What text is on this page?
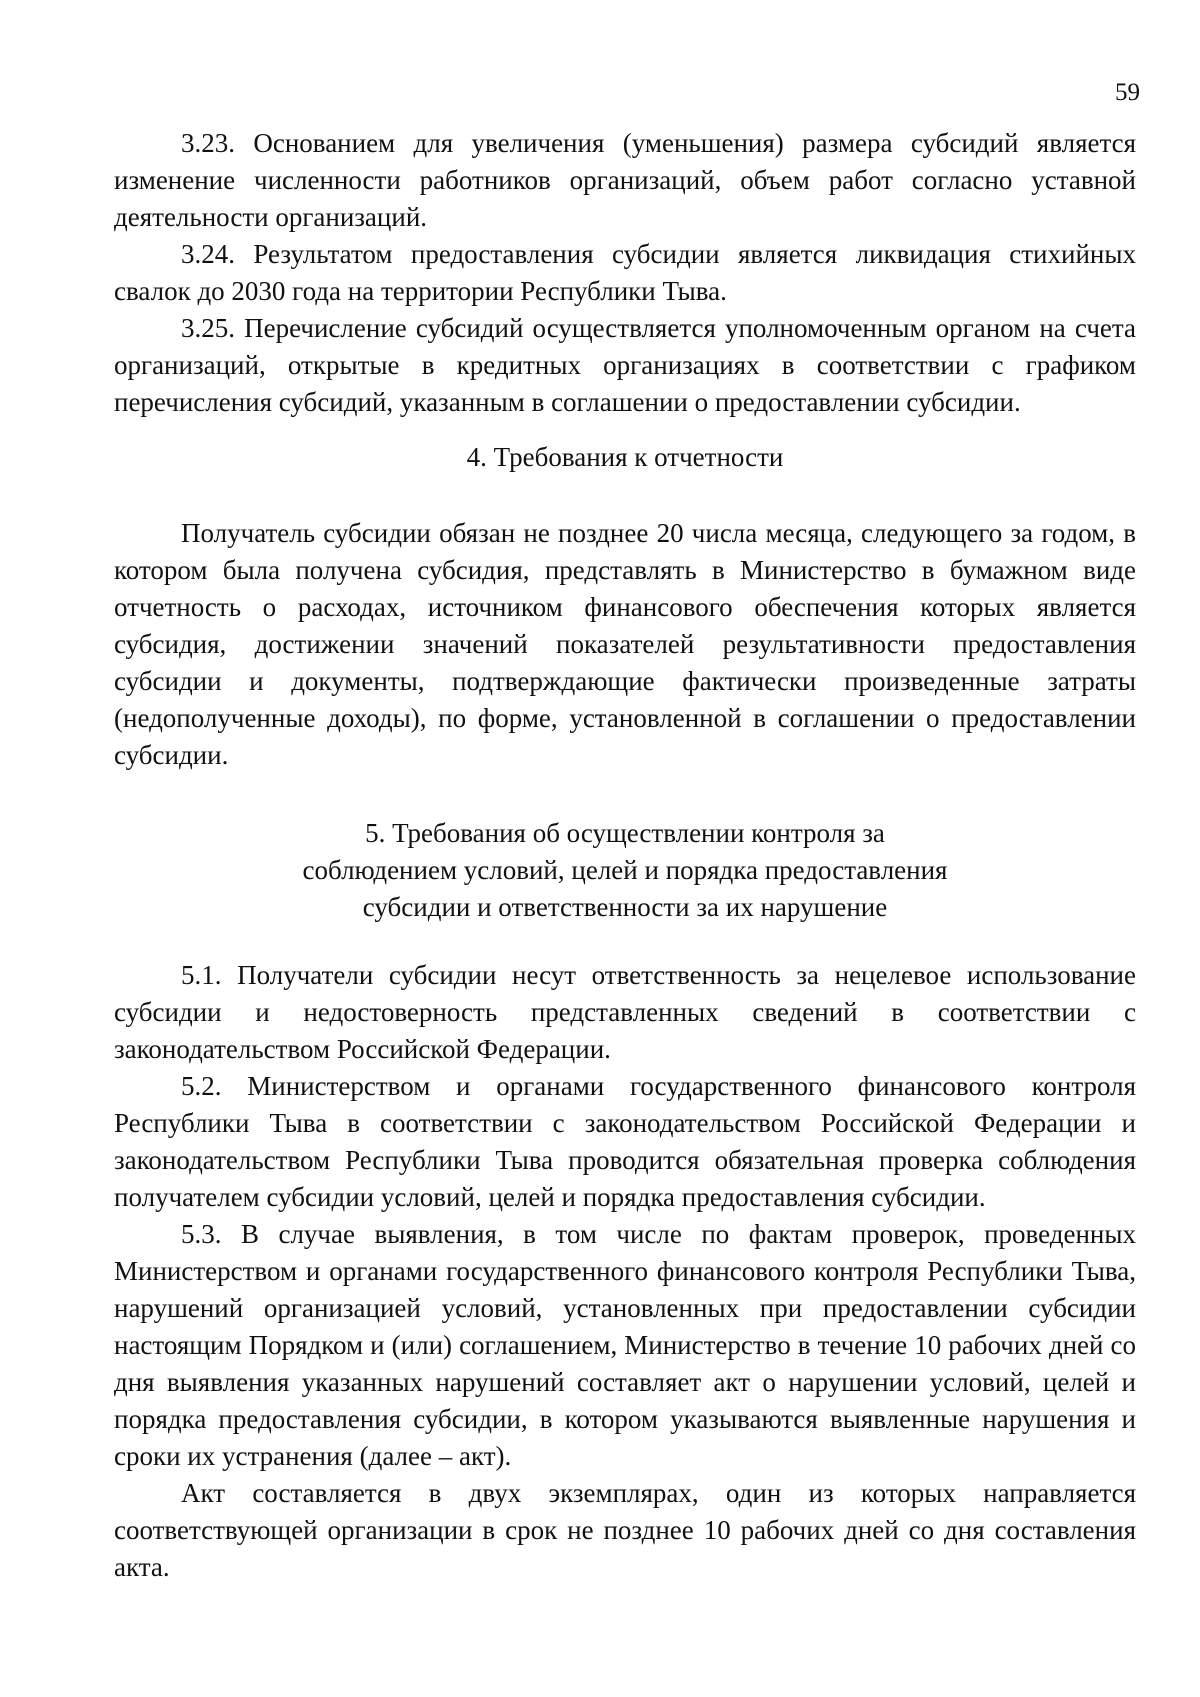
59

3.23. Основанием для увеличения (уменьшения) размера субсидий является изменение численности работников организаций, объем работ согласно уставной деятельности организаций.

3.24. Результатом предоставления субсидии является ликвидация стихийных свалок до 2030 года на территории Республики Тыва.

3.25. Перечисление субсидий осуществляется уполномоченным органом на счета организаций, открытые в кредитных организациях в соответствии с графиком перечисления субсидий, указанным в соглашении о предоставлении субсидии.

4. Требования к отчетности

Получатель субсидии обязан не позднее 20 числа месяца, следующего за годом, в котором была получена субсидия, представлять в Министерство в бумажном виде отчетность о расходах, источником финансового обеспечения которых является субсидия, достижении значений показателей результативности предоставления субсидии и документы, подтверждающие фактически произведенные затраты (недополученные доходы), по форме, установленной в соглашении о предоставлении субсидии.

5. Требования об осуществлении контроля за
соблюдением условий, целей и порядка предоставления
субсидии и ответственности за их нарушение

5.1. Получатели субсидии несут ответственность за нецелевое использование субсидии и недостоверность представленных сведений в соответствии с законодательством Российской Федерации.

5.2. Министерством и органами государственного финансового контроля Республики Тыва в соответствии с законодательством Российской Федерации и законодательством Республики Тыва проводится обязательная проверка соблюдения получателем субсидии условий, целей и порядка предоставления субсидии.

5.3. В случае выявления, в том числе по фактам проверок, проведенных Министерством и органами государственного финансового контроля Республики Тыва, нарушений организацией условий, установленных при предоставлении субсидии настоящим Порядком и (или) соглашением, Министерство в течение 10 рабочих дней со дня выявления указанных нарушений составляет акт о нарушении условий, целей и порядка предоставления субсидии, в котором указываются выявленные нарушения и сроки их устранения (далее – акт).

Акт составляется в двух экземплярах, один из которых направляется соответствующей организации в срок не позднее 10 рабочих дней со дня составления акта.
